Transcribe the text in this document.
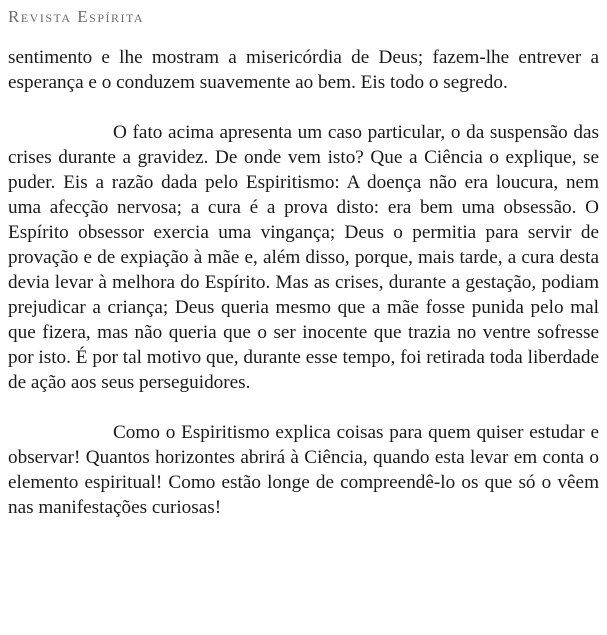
Revista Espírita

sentimento e lhe mostram a misericórdia de Deus; fazem-lhe entrever a esperança e o conduzem suavemente ao bem. Eis todo o segredo.

O fato acima apresenta um caso particular, o da suspensão das crises durante a gravidez. De onde vem isto? Que a Ciência o explique, se puder. Eis a razão dada pelo Espiritismo: A doença não era loucura, nem uma afecção nervosa; a cura é a prova disto: era bem uma obsessão. O Espírito obsessor exercia uma vingança; Deus o permitia para servir de provação e de expiação à mãe e, além disso, porque, mais tarde, a cura desta devia levar à melhora do Espírito. Mas as crises, durante a gestação, podiam prejudicar a criança; Deus queria mesmo que a mãe fosse punida pelo mal que fizera, mas não queria que o ser inocente que trazia no ventre sofresse por isto. É por tal motivo que, durante esse tempo, foi retirada toda liberdade de ação aos seus perseguidores.

Como o Espiritismo explica coisas para quem quiser estudar e observar! Quantos horizontes abrirá à Ciência, quando esta levar em conta o elemento espiritual! Como estão longe de compreendê-lo os que só o vêem nas manifestações curiosas!
